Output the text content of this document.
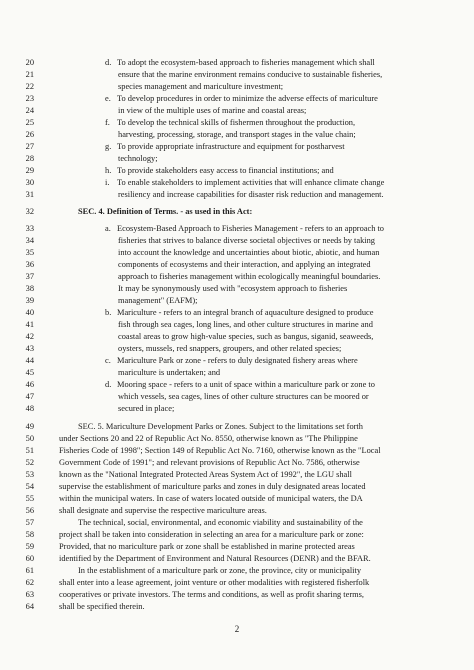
20
21
22
23
24
25
26
27
28
29
30
31
32
33
34
35
36
37
38
39
40
41
42
43
44
45
46
47
48
49
50
51
52
53
54
55
56
57
58
59
60
61
62
63
64
d. To adopt the ecosystem-based approach to fisheries management which shall
ensure that the marine environment remains conducive to sustainable fisheries,
species management and mariculture investment;
e. To develop procedures in order to minimize the adverse effects of mariculture
in view of the multiple uses of marine and coastal areas;
f. To develop the technical skills of fishermen throughout the production,
harvesting, processing, storage, and transport stages in the value chain;
g. To provide appropriate infrastructure and equipment for postharvest
technology;
h. To provide stakeholders easy access to financial institutions; and
i. To enable stakeholders to implement activities that will enhance climate change
resiliency and increase capabilities for disaster risk reduction and management.
SEC. 4. Definition of Terms. - as used in this Act:
a. Ecosystem-Based Approach to Fisheries Management - refers to an approach to
fisheries that strives to balance diverse societal objectives or needs by taking
into account the knowledge and uncertainties about biotic, abiotic, and human
components of ecosystems and their interaction, and applying an integrated
approach to fisheries management within ecologically meaningful boundaries.
It may be synonymously used with "ecosystem approach to fisheries
management" (EAFM);
b. Mariculture - refers to an integral branch of aquaculture designed to produce
fish through sea cages, long lines, and other culture structures in marine and
coastal areas to grow high-value species, such as bangus, siganid, seaweeds,
oysters, mussels, red snappers, groupers, and other related species;
c. Mariculture Park or zone - refers to duly designated fishery areas where
mariculture is undertaken; and
d. Mooring space - refers to a unit of space within a mariculture park or zone to
which vessels, sea cages, lines of other culture structures can be moored or
secured in place;
SEC. 5. Mariculture Development Parks or Zones. Subject to the limitations set forth
under Sections 20 and 22 of Republic Act No. 8550, otherwise known as "The Philippine
Fisheries Code of 1998"; Section 149 of Republic Act No. 7160, otherwise known as the "Local
Government Code of 1991"; and relevant provisions of Republic Act No. 7586, otherwise
known as the "National Integrated Protected Areas System Act of 1992", the LGU shall
supervise the establishment of mariculture parks and zones in duly designated areas located
within the municipal waters. In case of waters located outside of municipal waters, the DA
shall designate and supervise the respective mariculture areas.
The technical, social, environmental, and economic viability and sustainability of the
project shall be taken into consideration in selecting an area for a mariculture park or zone:
Provided, that no mariculture park or zone shall be established in marine protected areas
identified by the Department of Environment and Natural Resources (DENR) and the BFAR.
In the establishment of a mariculture park or zone, the province, city or municipality
shall enter into a lease agreement, joint venture or other modalities with registered fisherfolk
cooperatives or private investors. The terms and conditions, as well as profit sharing terms,
shall be specified therein.
2
